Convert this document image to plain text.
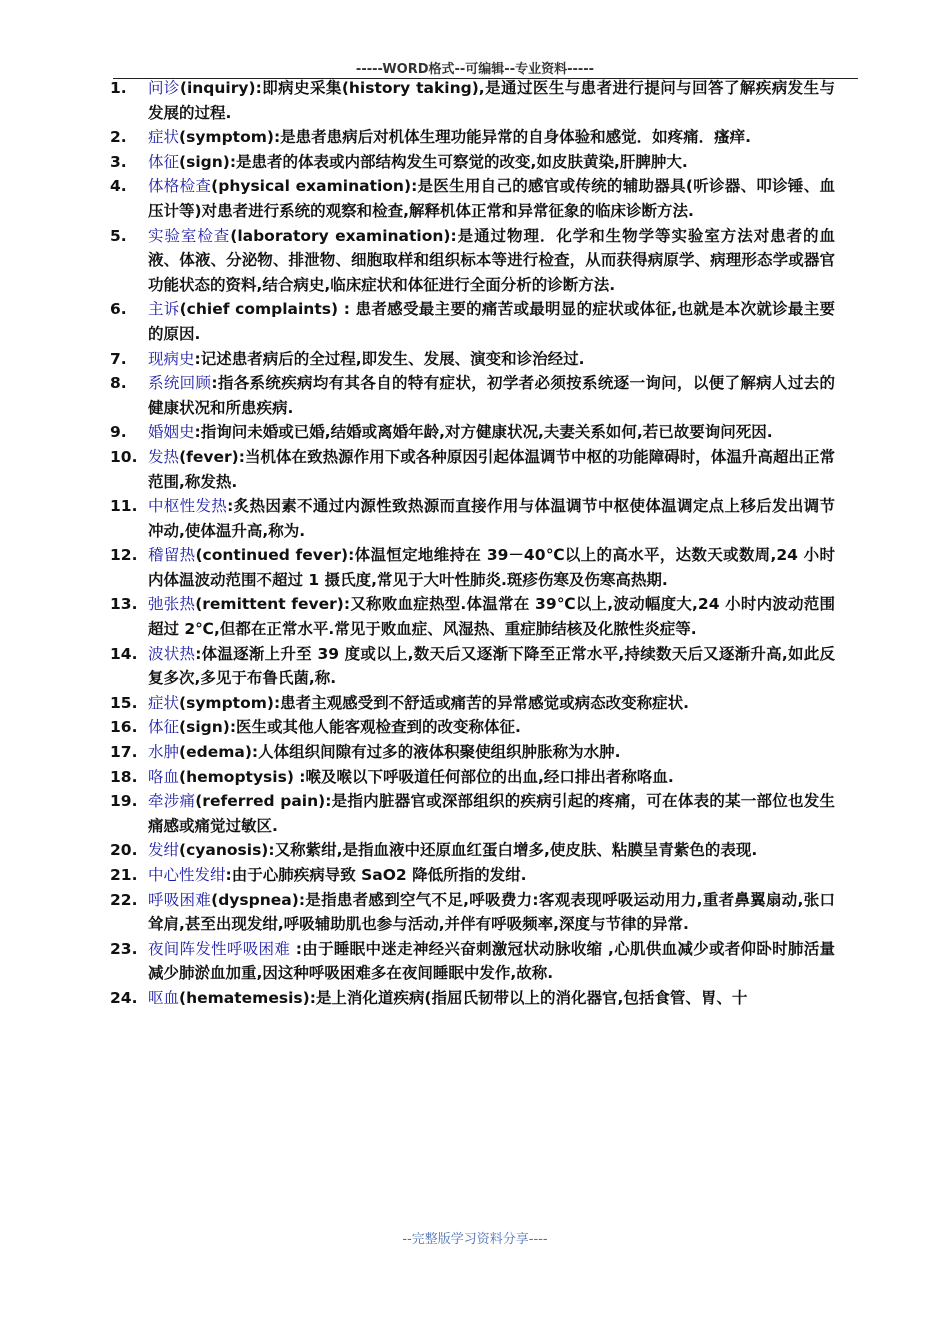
-----WORD格式--可编辑--专业资料-----
1.	问诊(inquiry):即病史采集(history taking),是通过医生与患者进行提问与回答了解疾病发生与发展的过程.
2.	症状(symptom):是患者患病后对机体生理功能异常的自身体验和感觉．如疼痛．瘙痒.
3.	体征(sign):是患者的体表或内部结构发生可察觉的改变,如皮肤黄染,肝脾肿大.
4.	体格检查(physical examination):是医生用自己的感官或传统的辅助器具(听诊器、叩诊锤、血压计等)对患者进行系统的观察和检查,解释机体正常和异常征象的临床诊断方法.
5.	实验室检查(laboratory examination):是通过物理．化学和生物学等实验室方法对患者的血液、体液、分泌物、排泄物、细胞取样和组织标本等进行检查，从而获得病原学、病理形态学或器官功能状态的资料,结合病史,临床症状和体征进行全面分析的诊断方法.
6.	主诉(chief complaints) : 患者感受最主要的痛苦或最明显的症状或体征,也就是本次就诊最主要的原因.
7.	现病史:记述患者病后的全过程,即发生、发展、演变和诊治经过.
8.	系统回顾:指各系统疾病均有其各自的特有症状，初学者必须按系统逐一询问，以便了解病人过去的健康状况和所患疾病.
9.	婚姻史:指询问未婚或已婚,结婚或离婚年龄,对方健康状况,夫妻关系如何,若已故要询问死因.
10. 发热(fever):当机体在致热源作用下或各种原因引起体温调节中枢的功能障碍时，体温升高超出正常范围,称发热.
11. 中枢性发热:炙热因素不通过内源性致热源而直接作用与体温调节中枢使体温调定点上移后发出调节冲动,使体温升高,称为.
12. 稽留热(continued fever):体温恒定地维持在 39－40℃以上的高水平，达数天或数周,24 小时内体温波动范围不超过 1 摄氏度,常见于大叶性肺炎.斑疹伤寒及伤寒高热期.
13. 弛张热(remittent fever):又称败血症热型.体温常在 39℃以上,波动幅度大,24 小时内波动范围超过 2℃,但都在正常水平.常见于败血症、风湿热、重症肺结核及化脓性炎症等.
14. 波状热:体温逐渐上升至 39 度或以上,数天后又逐渐下降至正常水平,持续数天后又逐渐升高,如此反复多次,多见于布鲁氏菌,称.
15. 症状(symptom):患者主观感受到不舒适或痛苦的异常感觉或病态改变称症状.
16. 体征(sign):医生或其他人能客观检查到的改变称体征.
17. 水肿(edema):人体组织间隙有过多的液体积聚使组织肿胀称为水肿.
18. 咯血(hemoptysis) :喉及喉以下呼吸道任何部位的出血,经口排出者称咯血.
19. 牵涉痛(referred pain):是指内脏器官或深部组织的疾病引起的疼痛，可在体表的某一部位也发生痛感或痛觉过敏区.
20. 发绀(cyanosis):又称紫绀,是指血液中还原血红蛋白增多,使皮肤、粘膜呈青紫色的表现.
21. 中心性发绀:由于心肺疾病导致 SaO2 降低所指的发绀.
22. 呼吸困难(dyspnea):是指患者感到空气不足,呼吸费力:客观表现呼吸运动用力,重者鼻翼扇动,张口耸肩,甚至出现发绀,呼吸辅助肌也参与活动,并伴有呼吸频率,深度与节律的异常.
23. 夜间阵发性呼吸困难 :由于睡眠中迷走神经兴奋刺激冠状动脉收缩 ,心肌供血减少或者仰卧时肺活量减少肺淤血加重,因这种呼吸困难多在夜间睡眠中发作,故称.
24. 呕血(hematemesis):是上消化道疾病(指屈氏韧带以上的消化器官,包括食管、胃、十
--完整版学习资料分享----
